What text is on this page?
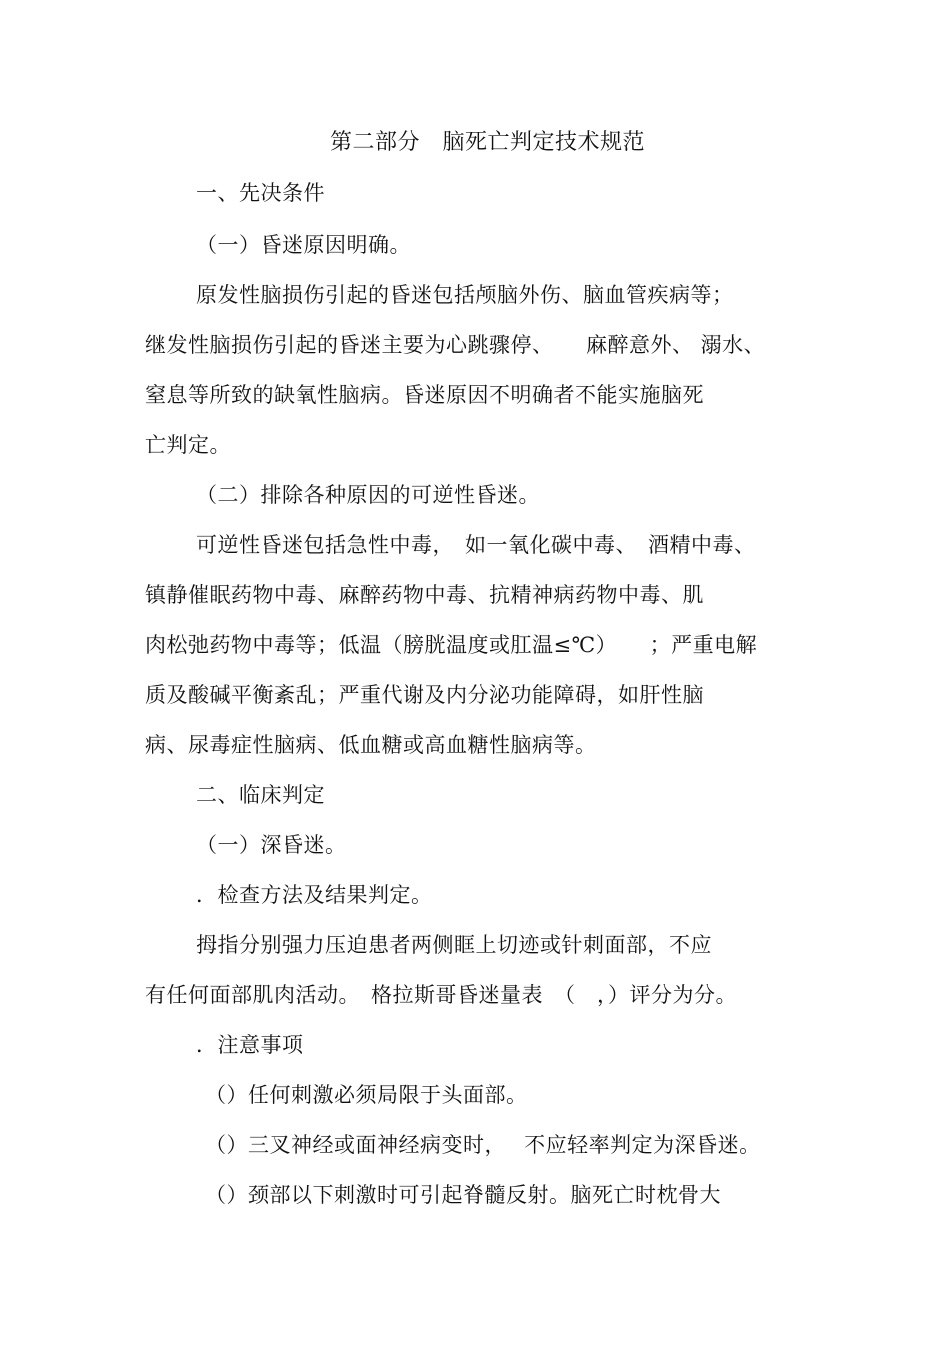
第二部分　脑死亡判定技术规范
一、先决条件
（一）昏迷原因明确。
原发性脑损伤引起的昏迷包括颅脑外伤、脑血管疾病等；
继发性脑损伤引起的昏迷主要为心跳骤停、　　麻醉意外、 溺水、
窒息等所致的缺氧性脑病。昏迷原因不明确者不能实施脑死
亡判定。
（二）排除各种原因的可逆性昏迷。
可逆性昏迷包括急性中毒，　如一氧化碳中毒、　酒精中毒、
镇静催眠药物中毒、麻醉药物中毒、抗精神病药物中毒、肌
肉松弛药物中毒等；低温（膀胱温度或肛温≤℃）　　；严重电解
质及酸碱平衡紊乱；严重代谢及内分泌功能障碍，如肝性脑
病、尿毒症性脑病、低血糖或高血糖性脑病等。
二、临床判定
（一）深昏迷。
．检查方法及结果判定。
拇指分别强力压迫患者两侧眶上切迹或针刺面部，不应
有任何面部肌肉活动。　格拉斯哥昏迷量表　（　，）评分为分。
．注意事项
（）任何刺激必须局限于头面部。
（）三叉神经或面神经病变时，　 不应轻率判定为深昏迷。
（）颈部以下刺激时可引起脊髓反射。脑死亡时枕骨大
